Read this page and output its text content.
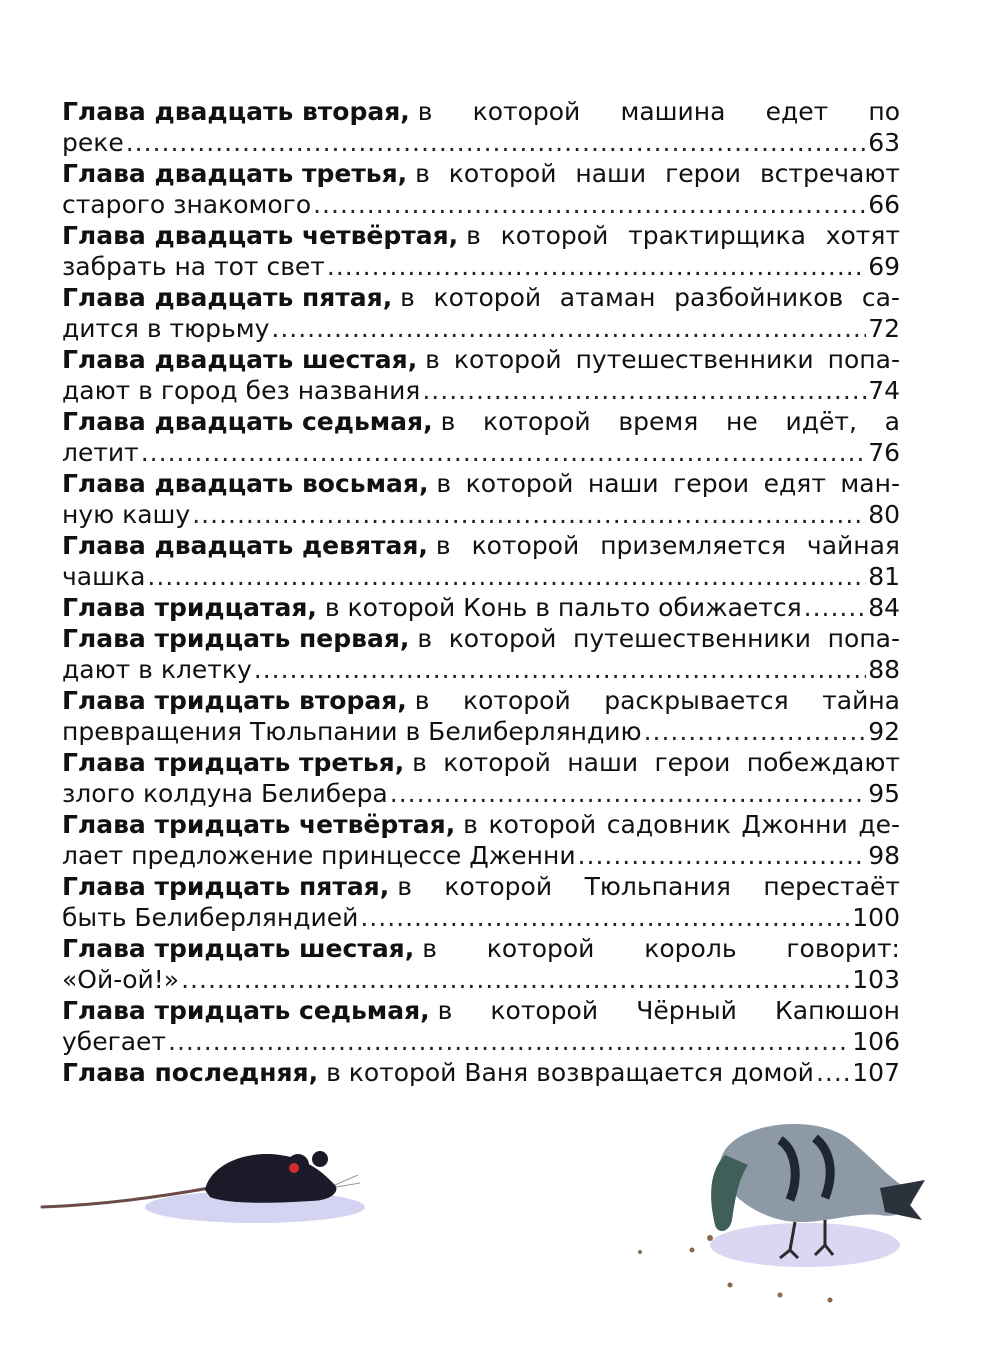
Глава двадцать вторая,
в которой машина едет по
реке .....	63
Глава двадцать третья,
в которой наши герои встречают
старого знакомого .....	66
Глава двадцать четвёртая,
в которой трактирщика хотят
забрать на тот свет .....	69
Глава двадцать пятая,
в которой атаман разбойников са-
дится в тюрьму .....	72
Глава двадцать шестая,
в которой путешественники попа-
дают в город без названия .....	74
Глава двадцать седьмая,
в которой время не идёт, а
летит .....	76
Глава двадцать восьмая,
в которой наши герои едят ман-
ную кашу .....	80
Глава двадцать девятая,
в которой приземляется чайная
чашка .....	81
Глава тридцатая,
в которой Конь в пальто обижается .....	84
Глава тридцать первая,
в которой путешественники попа-
дают в клетку .....	88
Глава тридцать вторая,
в которой раскрывается тайна
превращения Тюльпании в Белиберляндию .....	92
Глава тридцать третья,
в которой наши герои побеждают
злого колдуна Белибера .....	95
Глава тридцать четвёртая,
в которой садовник Джонни де-
лает предложение принцессе Дженни .....	98
Глава тридцать пятая,
в которой Тюльпания перестаёт
быть Белиберляндией .....	100
Глава тридцать шестая,
в которой король говорит:
«Ой-ой!» .....	103
Глава тридцать седьмая,
в которой Чёрный Капюшон
убегает .....	106
Глава последняя,
в которой Ваня возвращается домой ..... 107
